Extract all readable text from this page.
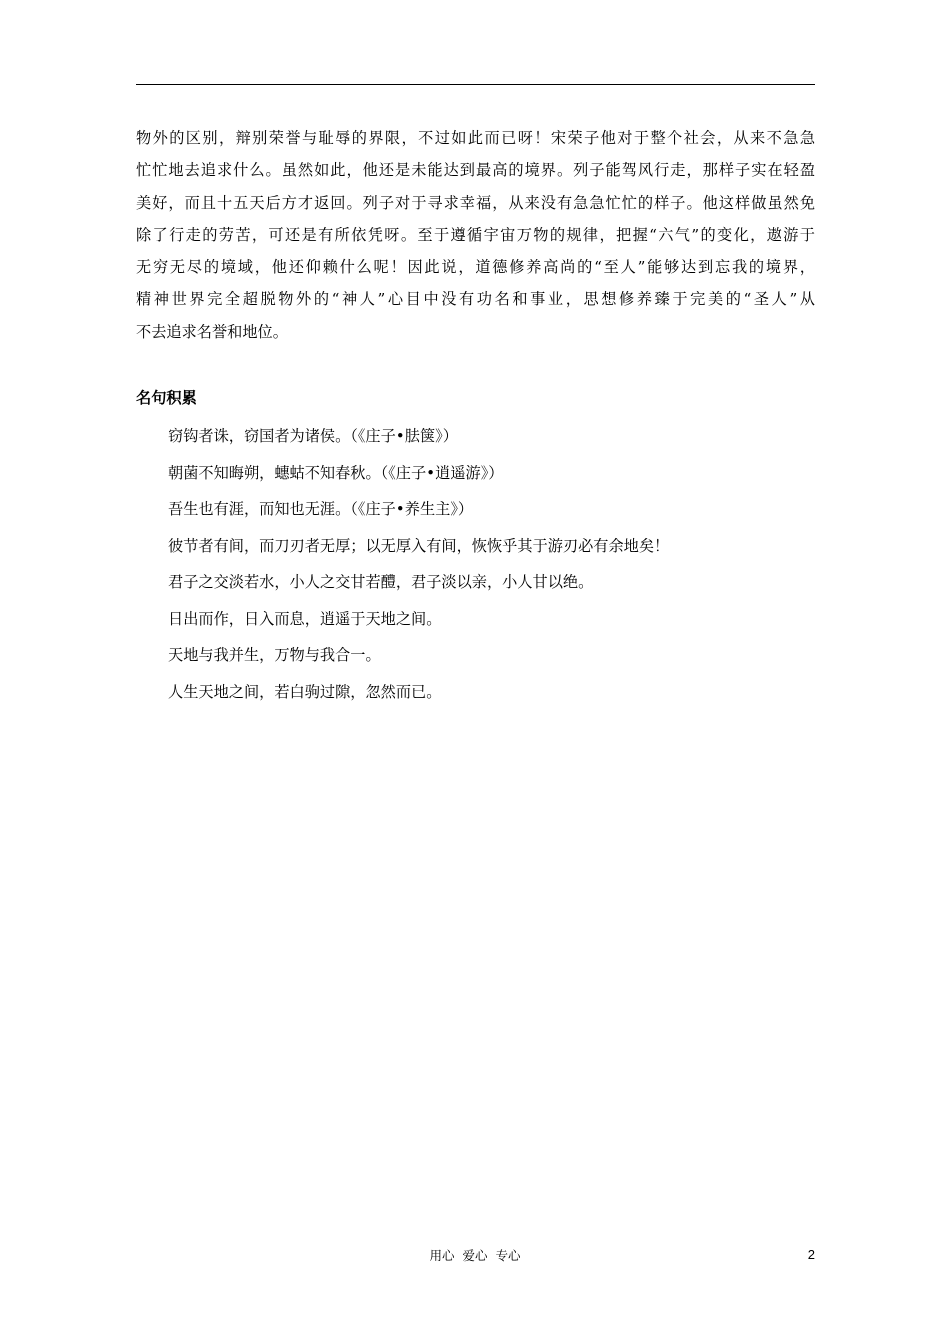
物外的区别，辩别荣誉与耻辱的界限，不过如此而已呀！宋荣子他对于整个社会，从来不急急
忙忙地去追求什么。虽然如此，他还是未能达到最高的境界。列子能驾风行走，那样子实在轻盈
美好，而且十五天后方才返回。列子对于寻求幸福，从来没有急急忙忙的样子。他这样做虽然免
除了行走的劳苦，可还是有所依凭呀。至于遵循宇宙万物的规律，把握“六气”的变化，遨游于
无穷无尽的境域，他还仰赖什么呢！因此说，道德修养高尚的“至人”能够达到忘我的境界，
精神世界完全超脱物外的“神人”心目中没有功名和事业，思想修养臻于完美的“圣人”从
不去追求名誉和地位。
名句积累
窃钩者诛，窃国者为诸侯。（《庄子•胠箧》）
朝菌不知晦朔，蟪蛄不知春秋。（《庄子•逍遥游》）
吾生也有涯，而知也无涯。（《庄子•养生主》）
彼节者有间，而刀刃者无厚；以无厚入有间，恢恢乎其于游刃必有余地矣！
君子之交淡若水，小人之交甘若醴，君子淡以亲，小人甘以绝。
日出而作，日入而息，逍遥于天地之间。
天地与我并生，万物与我合一。
人生天地之间，若白驹过隙，忽然而已。
用心  爱心  专心	2
